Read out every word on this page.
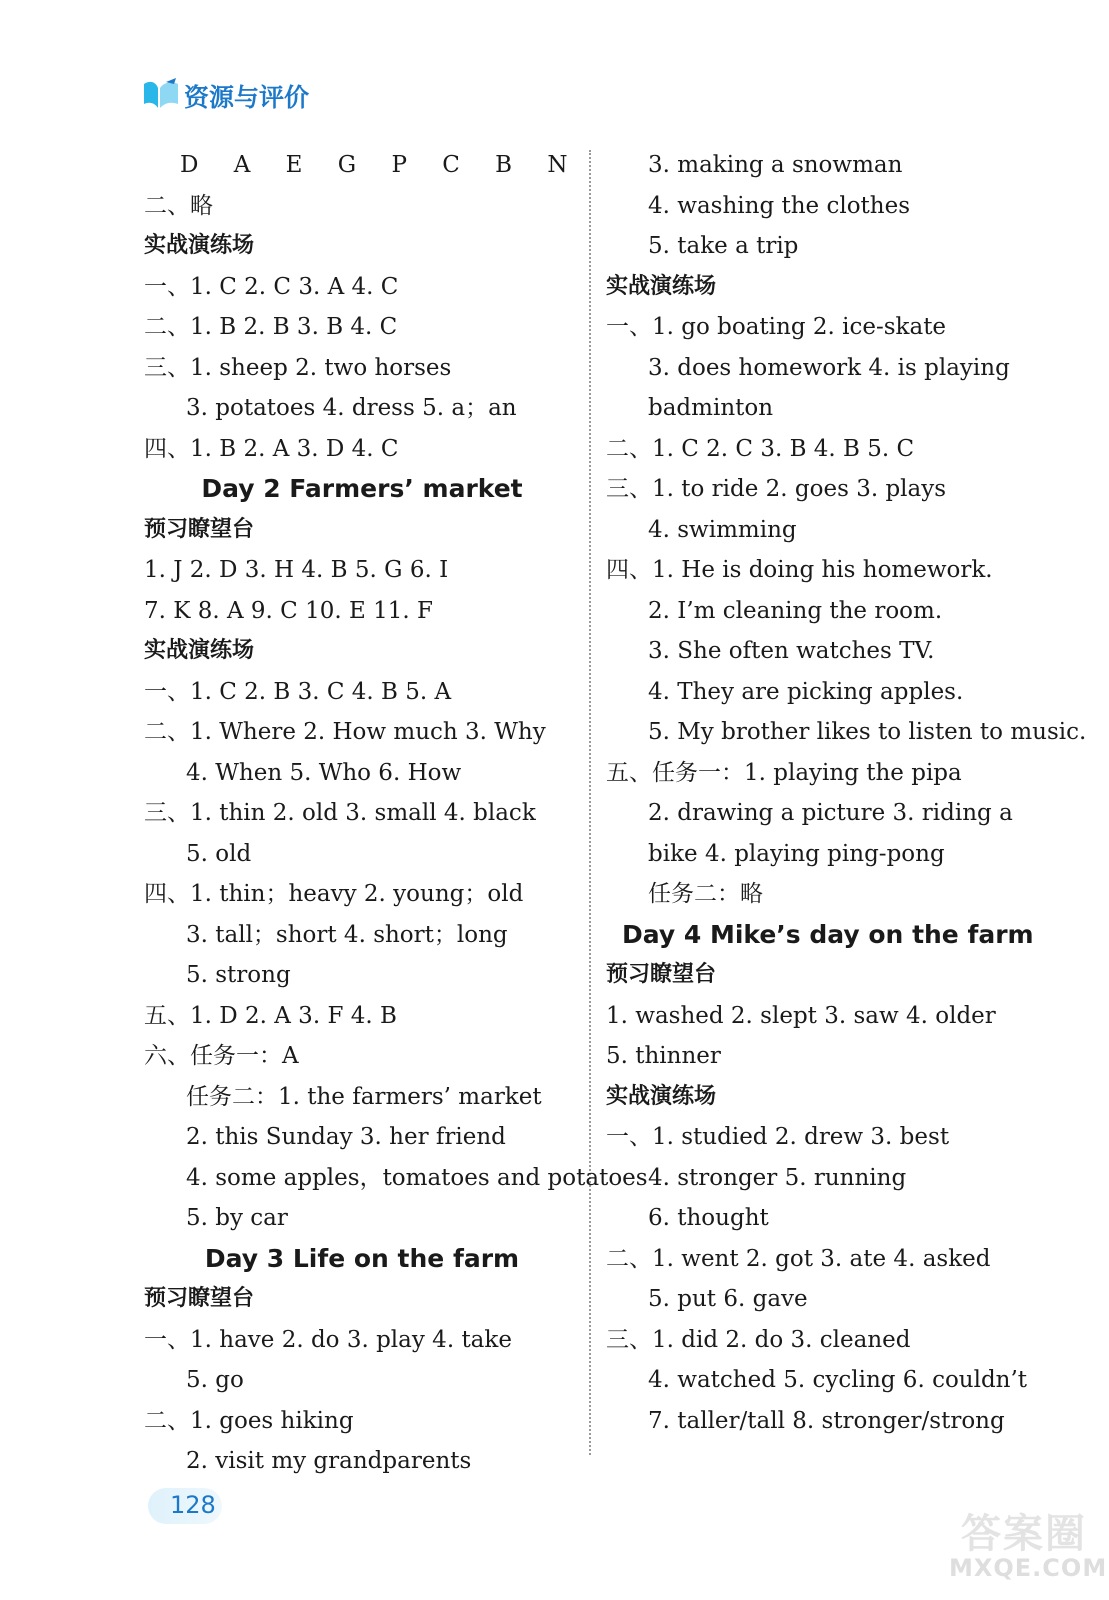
资源与评价
D A E G P C B N
二、略
实战演练场
一、1. C 2. C 3. A 4. C
二、1. B 2. B 3. B 4. C
三、1. sheep 2. two horses
3. potatoes 4. dress 5. a；an
四、1. B 2. A 3. D 4. C
Day 2 Farmers’ market
预习瞭望台
1. J 2. D 3. H 4. B 5. G 6. I
7. K 8. A 9. C 10. E 11. F
实战演练场
一、1. C 2. B 3. C 4. B 5. A
二、1. Where 2. How much 3. Why
4. When 5. Who 6. How
三、1. thin 2. old 3. small 4. black
5. old
四、1. thin；heavy 2. young；old
3. tall；short 4. short；long
5. strong
五、1. D 2. A 3. F 4. B
六、任务一：A
任务二：1. the farmers’ market
2. this Sunday 3. her friend
4. some apples，tomatoes and potatoes
5. by car
Day 3 Life on the farm
预习瞭望台
一、1. have 2. do 3. play 4. take
5. go
二、1. goes hiking
2. visit my grandparents
3. making a snowman
4. washing the clothes
5. take a trip
实战演练场
一、1. go boating 2. ice-skate
3. does homework 4. is playing
badminton
二、1. C 2. C 3. B 4. B 5. C
三、1. to ride 2. goes 3. plays
4. swimming
四、1. He is doing his homework.
2. I’m cleaning the room.
3. She often watches TV.
4. They are picking apples.
5. My brother likes to listen to music.
五、任务一：1. playing the pipa
2. drawing a picture 3. riding a
bike 4. playing ping-pong
任务二：略
Day 4 Mike’s day on the farm
预习瞭望台
1. washed 2. slept 3. saw 4. older
5. thinner
实战演练场
一、1. studied 2. drew 3. best
4. stronger 5. running
6. thought
二、1. went 2. got 3. ate 4. asked
5. put 6. gave
三、1. did 2. do 3. cleaned
4. watched 5. cycling 6. couldn’t
7. taller/tall 8. stronger/strong
128
答案圈
MXQE.COM
